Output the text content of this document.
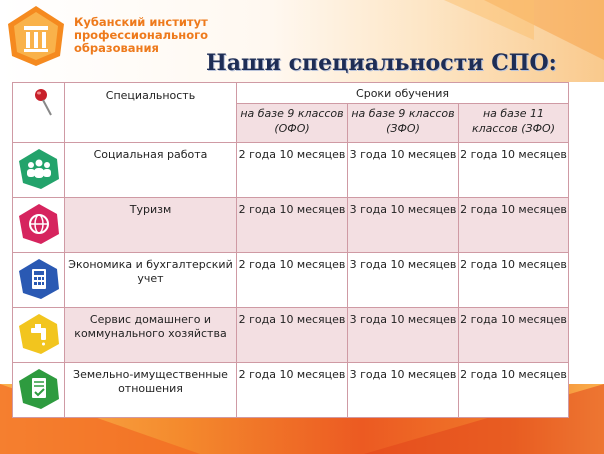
Кубанский институт
профессионального
образования
Наши специальности СПО:
	Специальность	Сроки обучения		
		на базе 9 классов (ОФО)	на базе 9 классов (ЗФО)	на базе 11 классов (ЗФО)
	Социальная работа	2 года 10 месяцев	3 года 10 месяцев	2 года 10 месяцев
	Туризм	2 года 10 месяцев	3 года 10 месяцев	2 года 10 месяцев
	Экономика и бухгалтерский учет	2 года 10 месяцев	3 года 10 месяцев	2 года 10 месяцев
	Сервис домашнего и коммунального хозяйства	2 года 10 месяцев	3 года 10 месяцев	2 года 10 месяцев
	Земельно-имущественные отношения	2 года 10 месяцев	3 года 10 месяцев	2 года 10 месяцев
